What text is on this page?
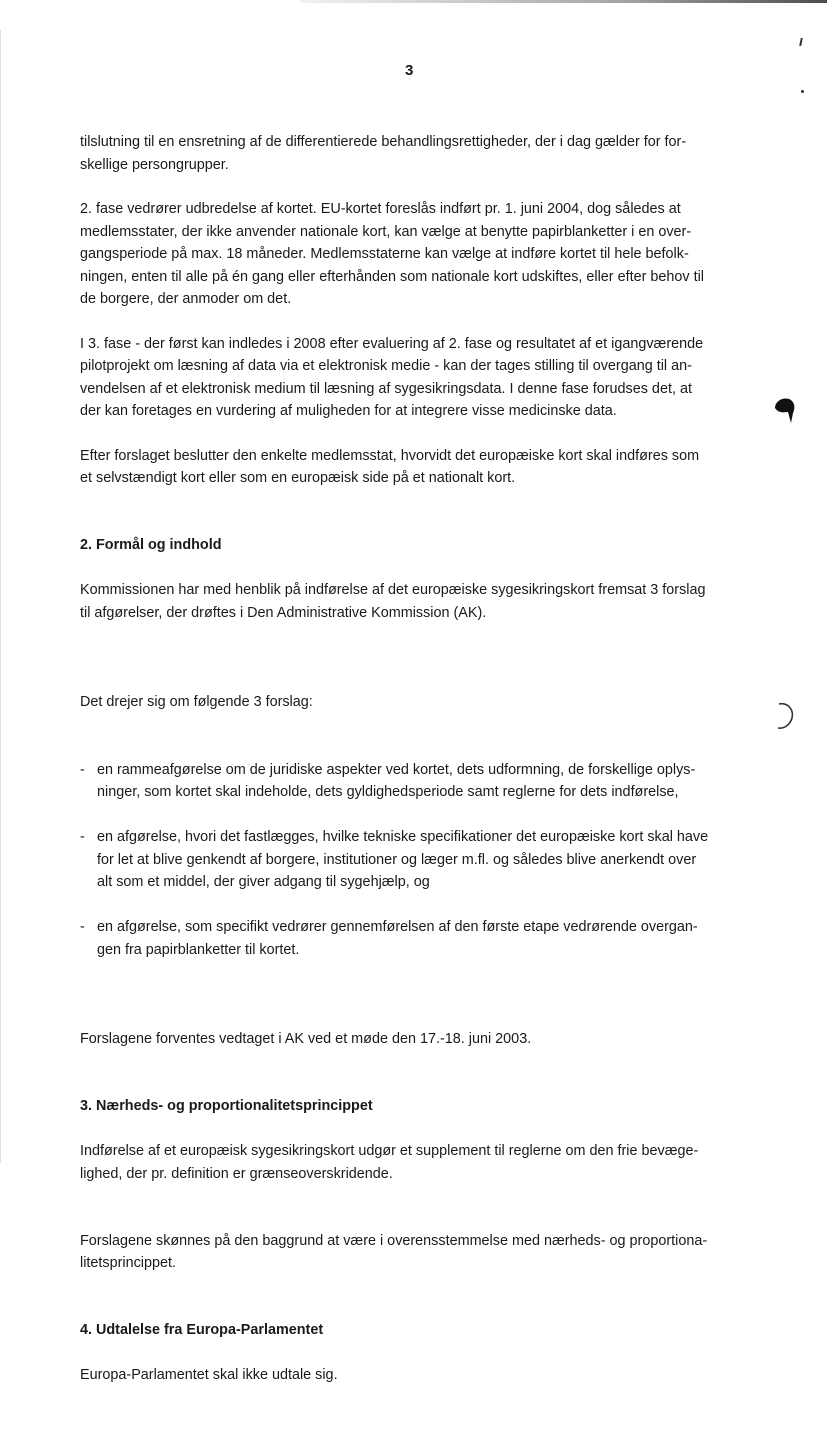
3
tilslutning til en ensretning af de differentierede behandlingsrettigheder, der i dag gælder for for-
skellige persongrupper.
2. fase vedrører udbredelse af kortet. EU-kortet foreslås indført pr. 1. juni 2004, dog således at
medlemsstater, der ikke anvender nationale kort, kan vælge at benytte papirblanketter i en over-
gangsperiode på max. 18 måneder. Medlemsstaterne kan vælge at indføre kortet til hele befolk-
ningen, enten til alle på én gang eller efterhånden som nationale kort udskiftes, eller efter behov til
de borgere, der anmoder om det.
I 3. fase - der først kan indledes i 2008 efter evaluering af 2. fase og resultatet af et igangværende
pilotprojekt om læsning af data via et elektronisk medie - kan der tages stilling til overgang til an-
vendelsen af et elektronisk medium til læsning af sygesikringsdata. I denne fase forudses det, at
der kan foretages en vurdering af muligheden for at integrere visse medicinske data.
Efter forslaget beslutter den enkelte medlemsstat, hvorvidt det europæiske kort skal indføres som
et selvstændigt kort eller som en europæisk side på et nationalt kort.

2. Formål og indhold

Kommissionen har med henblik på indførelse af det europæiske sygesikringskort fremsat 3 forslag
til afgørelser, der drøftes i Den Administrative Kommission (AK).

Det drejer sig om følgende 3 forslag:

- en rammeafgørelse om de juridiske aspekter ved kortet, dets udformning, de forskellige oplys-
ninger, som kortet skal indeholde, dets gyldighedsperiode samt reglerne for dets indførelse,

- en afgørelse, hvori det fastlægges, hvilke tekniske specifikationer det europæiske kort skal have
for let at blive genkendt af borgere, institutioner og læger m.fl. og således blive anerkendt over
alt som et middel, der giver adgang til sygehjælp, og

- en afgørelse, som specifikt vedrører gennemførelsen af den første etape vedrørende overgan-
gen fra papirblanketter til kortet.

Forslagene forventes vedtaget i AK ved et møde den 17.-18. juni 2003.

3. Nærheds- og proportionalitetsprincippet

Indførelse af et europæisk sygesikringskort udgør et supplement til reglerne om den frie bevæge-
lighed, der pr. definition er grænseoverskridende.

Forslagene skønnes på den baggrund at være i overensstemmelse med nærheds- og proportiona-
litetsprincippet.

4. Udtalelse fra Europa-Parlamentet

Europa-Parlamentet skal ikke udtale sig.
